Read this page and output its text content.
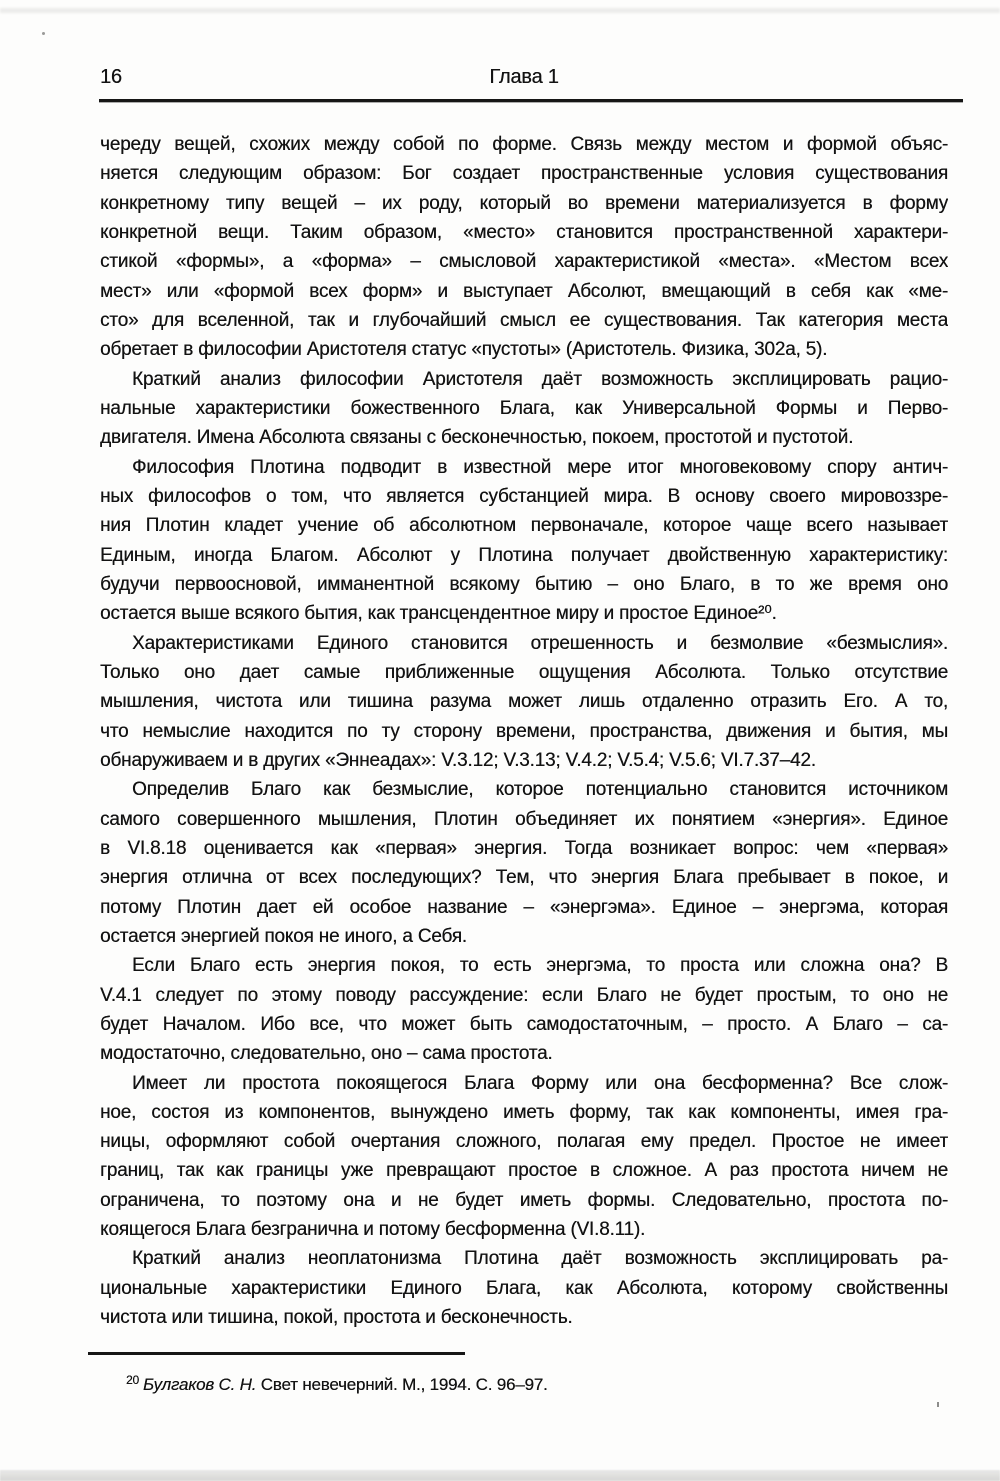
16	Глава 1
череду вещей, схожих между собой по форме. Связь между местом и формой объяс-
няется следующим образом: Бог создает пространственные условия существования
конкретному типу вещей – их роду, который во времени материализуется в форму
конкретной вещи. Таким образом, «место» становится пространственной характери-
стикой «формы», а «форма» – смысловой характеристикой «места». «Местом всех
мест» или «формой всех форм» и выступает Абсолют, вмещающий в себя как «ме-
сто» для вселенной, так и глубочайший смысл ее существования. Так категория места
обретает в философии Аристотеля статус «пустоты» (Аристотель. Физика, 302а, 5).
Краткий анализ философии Аристотеля даёт возможность эксплицировать рацио-
нальные характеристики божественного Блага, как Универсальной Формы и Перво-
двигателя. Имена Абсолюта связаны с бесконечностью, покоем, простотой и пустотой.
Философия Плотина подводит в известной мере итог многовековому спору антич-
ных философов о том, что является субстанцией мира. В основу своего мировоззре-
ния Плотин кладет учение об абсолютном первоначале, которое чаще всего называет
Единым, иногда Благом. Абсолют у Плотина получает двойственную характеристику:
будучи первоосновой, имманентной всякому бытию – оно Благо, в то же время оно
остается выше всякого бытия, как трансцендентное миру и простое Единое²⁰.
Характеристиками Единого становится отрешенность и безмолвие «безмыслия».
Только оно дает самые приближенные ощущения Абсолюта. Только отсутствие
мышления, чистота или тишина разума может лишь отдаленно отразить Его. А то,
что немыслие находится по ту сторону времени, пространства, движения и бытия, мы
обнаруживаем и в других «Эннеадах»: V.3.12; V.3.13; V.4.2; V.5.4; V.5.6; VI.7.37–42.
Определив Благо как безмыслие, которое потенциально становится источником
самого совершенного мышления, Плотин объединяет их понятием «энергия». Единое
в VI.8.18 оценивается как «первая» энергия. Тогда возникает вопрос: чем «первая»
энергия отлична от всех последующих? Тем, что энергия Блага пребывает в покое, и
потому Плотин дает ей особое название – «энергэма». Единое – энергэма, которая
остается энергией покоя не иного, а Себя.
Если Благо есть энергия покоя, то есть энергэма, то проста или сложна она? В
V.4.1 следует по этому поводу рассуждение: если Благо не будет простым, то оно не
будет Началом. Ибо все, что может быть самодостаточным, – просто. А Благо – са-
модостаточно, следовательно, оно – сама простота.
Имеет ли простота покоящегося Блага Форму или она бесформенна? Все слож-
ное, состоя из компонентов, вынуждено иметь форму, так как компоненты, имея гра-
ницы, оформляют собой очертания сложного, полагая ему предел. Простое не имеет
границ, так как границы уже превращают простое в сложное. А раз простота ничем не
ограничена, то поэтому она и не будет иметь формы. Следовательно, простота по-
коящегося Блага безгранична и потому бесформенна (VI.8.11).
Краткий анализ неоплатонизма Плотина даёт возможность эксплицировать ра-
циональные характеристики Единого Блага, как Абсолюта, которому свойственны
чистота или тишина, покой, простота и бесконечность.
$^{20}$ Булгаков С. Н. Свет невечерний. М., 1994. С. 96–97.
